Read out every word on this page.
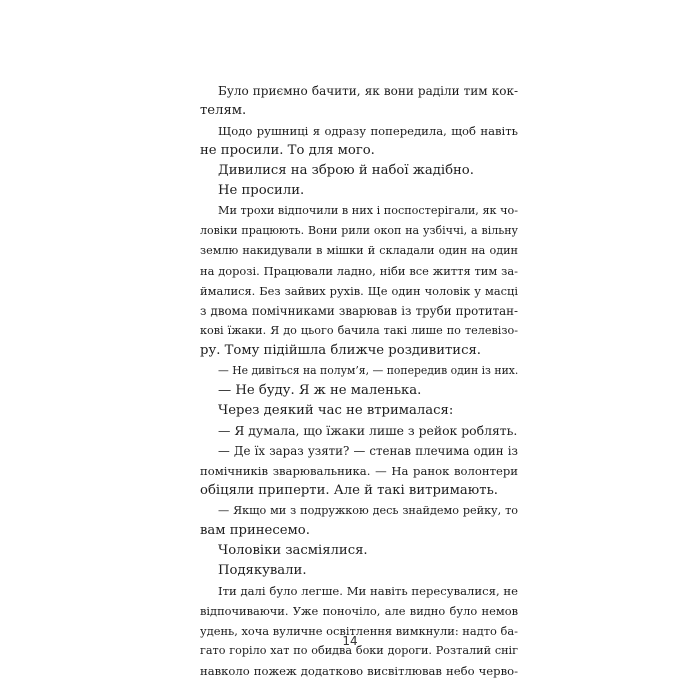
Було приємно бачити, як вони раділи тим кок-
телям.
Щодо рушниці я одразу попередила, щоб навіть
не просили. То для мого.
Дивилися на зброю й набої жадібно.
Не просили.
Ми трохи відпочили в них і поспостерігали, як чо-
ловіки працюють. Вони рили окоп на узбіччі, а вільну
землю накидували в мішки й складали один на один
на дорозі. Працювали ладно, ніби все життя тим за-
ймалися. Без зайвих рухів. Ще один чоловік у масці
з двома помічниками зварював із труби протитан-
кові їжаки. Я до цього бачила такі лише по телевізо-
ру. Тому підійшла ближче роздивитися.
— Не дивіться на полум’я, — попередив один із них.
— Не буду. Я ж не маленька.
Через деякий час не втрималася:
— Я думала, що їжаки лише з рейок роблять.
— Де їх зараз узяти? — стенав плечима один із
помічників зварювальника. — На ранок волонтери
обіцяли приперти. Але й такі витримають.
— Якщо ми з подружкою десь знайдемо рейку, то
вам принесемо.
Чоловіки засміялися.
Подякували.
Іти далі було легше. Ми навіть пересувалися, не
відпочиваючи. Уже поночіло, але видно було немов
удень, хоча вуличне освітлення вимкнули: надто ба-
гато горіло хат по обидва боки дороги. Розталий сніг
навколо пожеж додатково висвітлював небо черво-
14
